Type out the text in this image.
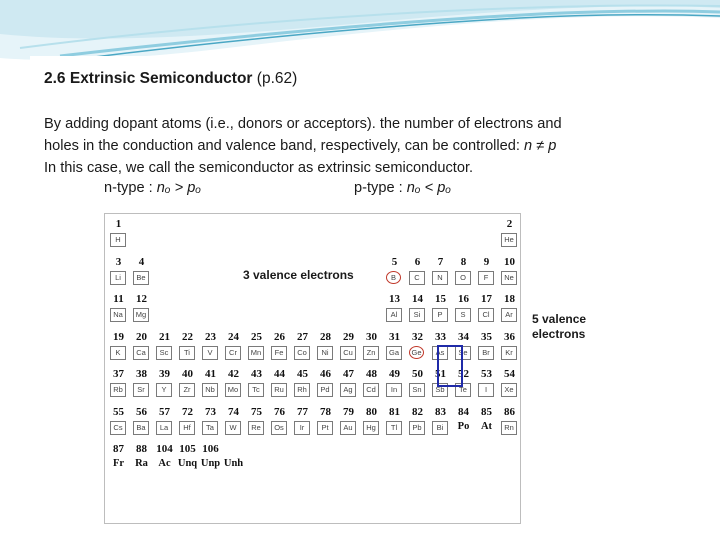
2.6 Extrinsic Semiconductor (p.62)
By adding dopant atoms (i.e., donors or acceptors). the number of electrons and
holes in the conduction and valence band, respectively, can be controlled: n ≠ p
In this case, we call the semiconductor as extrinsic semiconductor.
n-type : nₒ > pₒ	p-type : nₒ < pₒ
1
H
2
He
3
Li
4
Be
5
B
6
C
7
N
8
O
9
F
10
Ne
11
Na
12
Mg
13
Al
14
Si
15
P
16
S
17
Cl
18
Ar
19
K
20
Ca
21
Sc
22
Ti
23
V
24
Cr
25
Mn
26
Fe
27
Co
28
Ni
29
Cu
30
Zn
31
Ga
32
Ge
33
As
34
Se
35
Br
36
Kr
37
Rb
38
Sr
39
Y
40
Zr
41
Nb
42
Mo
43
Tc
44
Ru
45
Rh
46
Pd
47
Ag
48
Cd
49
In
50
Sn
51
Sb
52
Te
53
I
54
Xe
55
Cs
56
Ba
57
La
72
Hf
73
Ta
74
W
75
Re
76
Os
77
Ir
78
Pt
79
Au
80
Hg
81
Tl
82
Pb
83
Bi
84
Po
85
At
86
Rn
87
Fr
88
Ra
104
Ac
105
Unq
106
Unp Unh
3 valence electrons
5 valence
electrons
